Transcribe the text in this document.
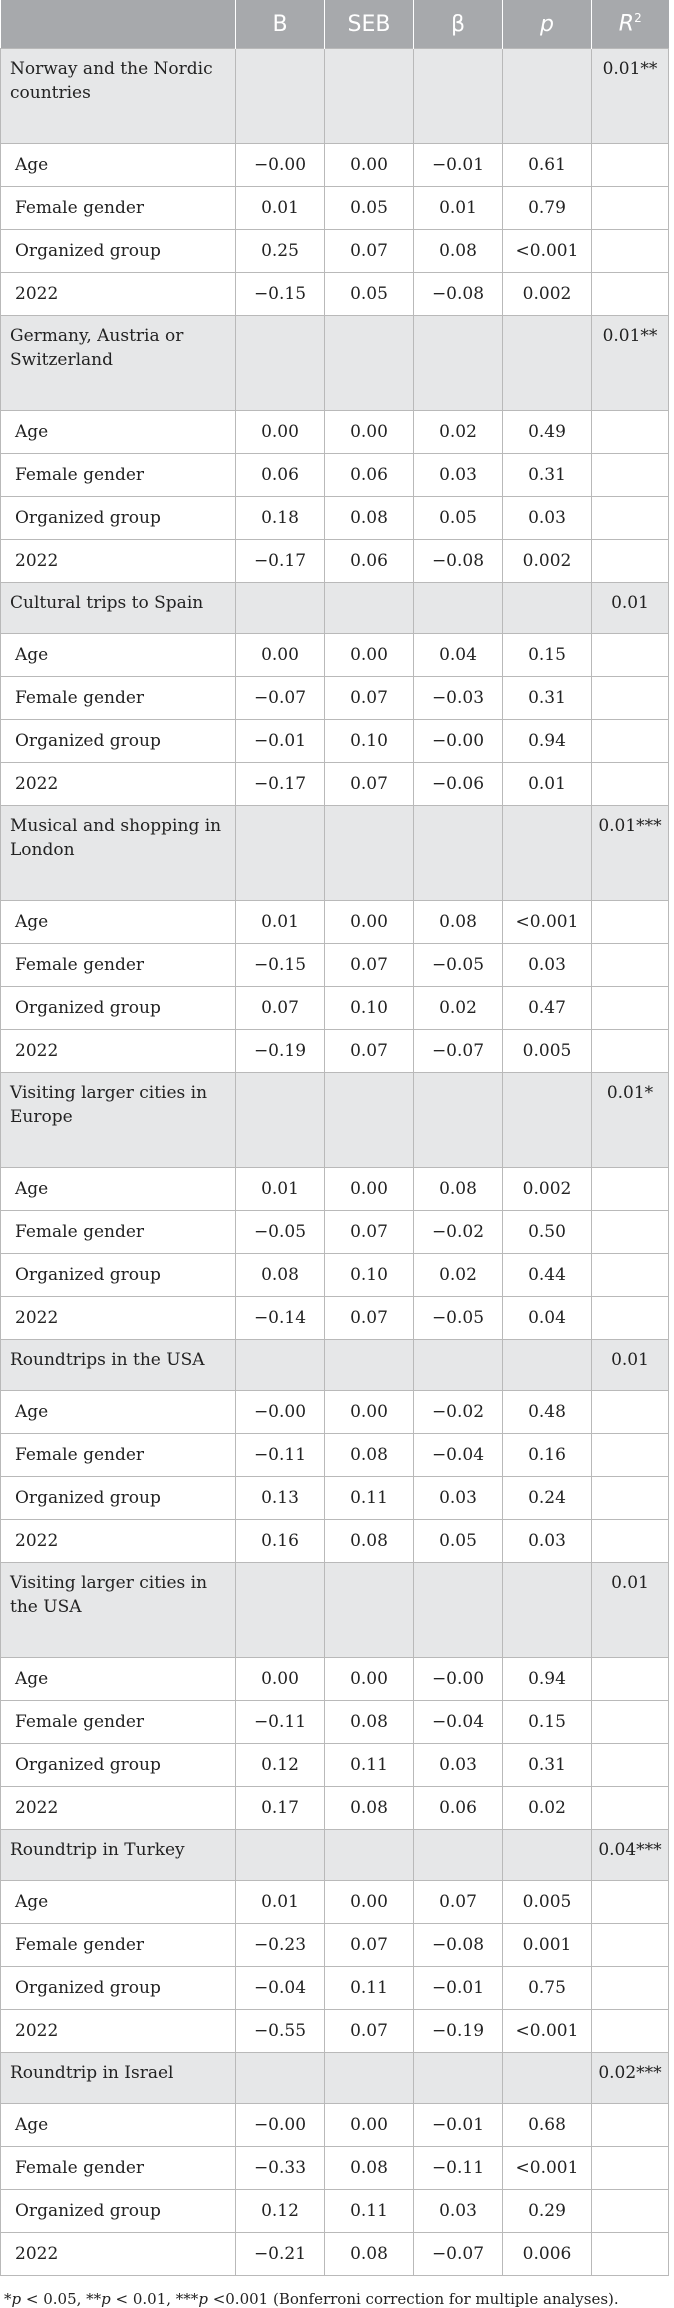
	B	SEB	β	p	$R^2$
Norway and the Nordic countries					0.01**
Age	−0.00	0.00	−0.01	0.61	
Female gender	0.01	0.05	0.01	0.79	
Organized group	0.25	0.07	0.08	<0.001	
2022	−0.15	0.05	−0.08	0.002	
Germany, Austria or Switzerland					0.01**
Age	0.00	0.00	0.02	0.49	
Female gender	0.06	0.06	0.03	0.31	
Organized group	0.18	0.08	0.05	0.03	
2022	−0.17	0.06	−0.08	0.002	
Cultural trips to Spain					0.01
Age	0.00	0.00	0.04	0.15	
Female gender	−0.07	0.07	−0.03	0.31	
Organized group	−0.01	0.10	−0.00	0.94	
2022	−0.17	0.07	−0.06	0.01	
Musical and shopping in London					0.01***
Age	0.01	0.00	0.08	<0.001	
Female gender	−0.15	0.07	−0.05	0.03	
Organized group	0.07	0.10	0.02	0.47	
2022	−0.19	0.07	−0.07	0.005	
Visiting larger cities in Europe					0.01*
Age	0.01	0.00	0.08	0.002	
Female gender	−0.05	0.07	−0.02	0.50	
Organized group	0.08	0.10	0.02	0.44	
2022	−0.14	0.07	−0.05	0.04	
Roundtrips in the USA					0.01
Age	−0.00	0.00	−0.02	0.48	
Female gender	−0.11	0.08	−0.04	0.16	
Organized group	0.13	0.11	0.03	0.24	
2022	0.16	0.08	0.05	0.03	
Visiting larger cities in the USA					0.01
Age	0.00	0.00	−0.00	0.94	
Female gender	−0.11	0.08	−0.04	0.15	
Organized group	0.12	0.11	0.03	0.31	
2022	0.17	0.08	0.06	0.02	
Roundtrip in Turkey					0.04***
Age	0.01	0.00	0.07	0.005	
Female gender	−0.23	0.07	−0.08	0.001	
Organized group	−0.04	0.11	−0.01	0.75	
2022	−0.55	0.07	−0.19	<0.001	
Roundtrip in Israel					0.02***
Age	−0.00	0.00	−0.01	0.68	
Female gender	−0.33	0.08	−0.11	<0.001	
Organized group	0.12	0.11	0.03	0.29	
2022	−0.21	0.08	−0.07	0.006	
*p < 0.05, **p < 0.01, ***p <0.001 (Bonferroni correction for multiple analyses).
